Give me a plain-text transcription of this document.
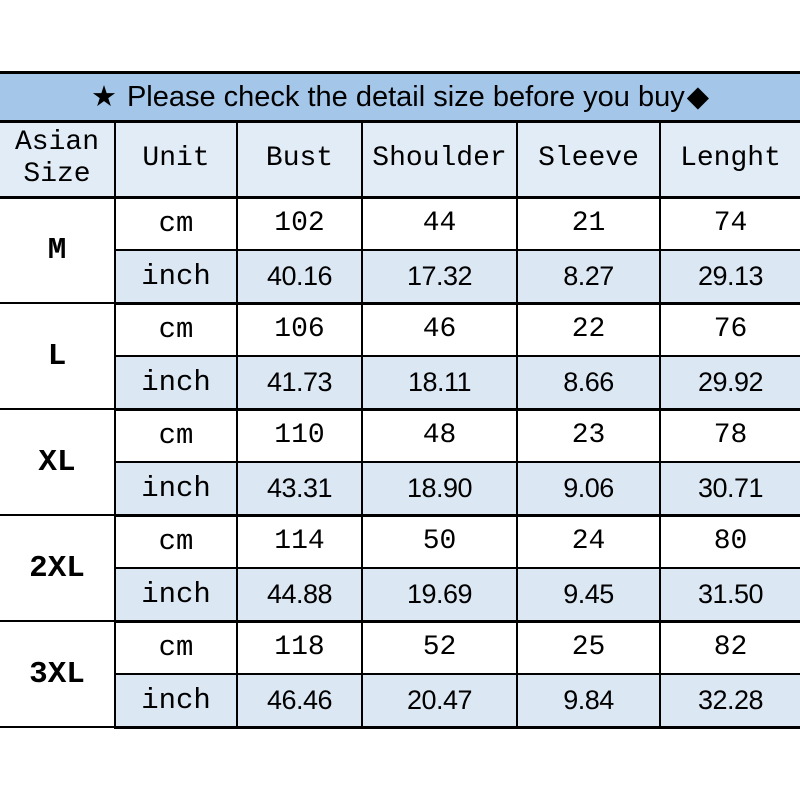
★ Please check the detail size before you buy◆
Asian Size	Unit	Bust	Shoulder	Sleeve	Lenght
M	cm	102	44	21	74
	inch	40.16	17.32	8.27	29.13
L	cm	106	46	22	76
	inch	41.73	18.11	8.66	29.92
XL	cm	110	48	23	78
	inch	43.31	18.90	9.06	30.71
2XL	cm	114	50	24	80
	inch	44.88	19.69	9.45	31.50
3XL	cm	118	52	25	82
	inch	46.46	20.47	9.84	32.28
